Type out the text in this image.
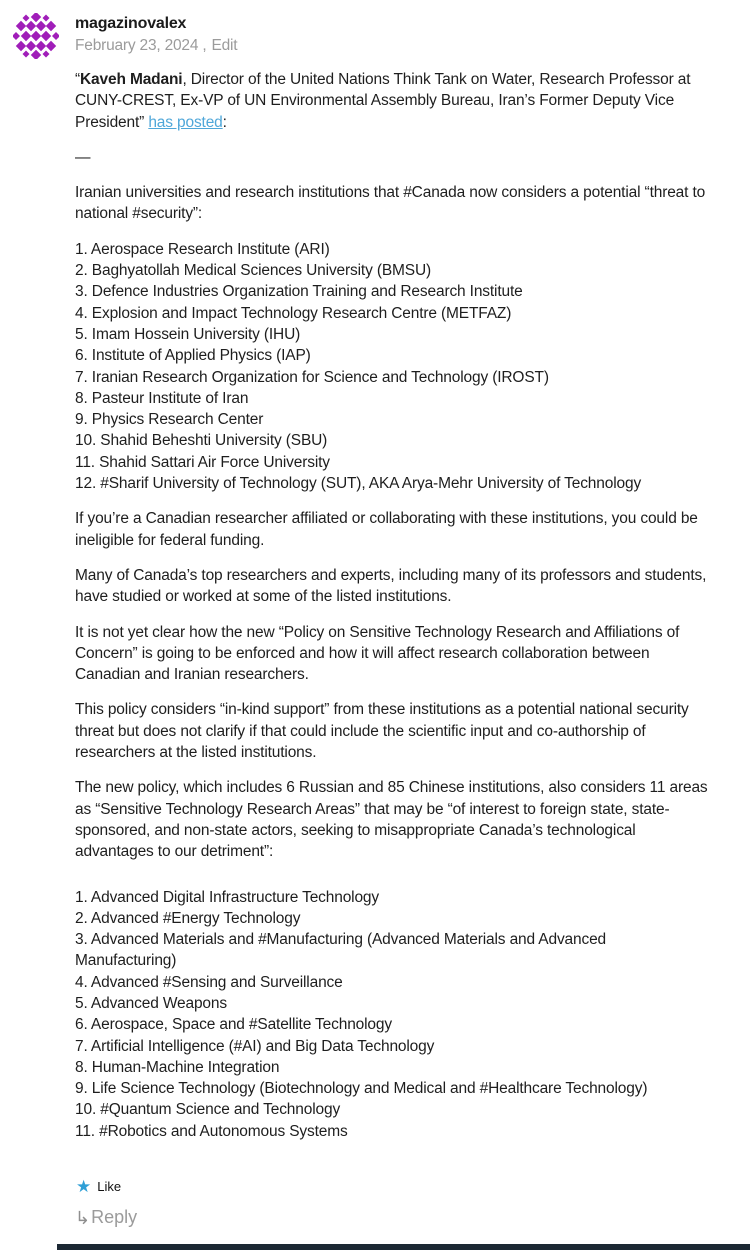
magazinovalex
February 23, 2024 , Edit

“Kaveh Madani, Director of the United Nations Think Tank on Water, Research Professor at CUNY-CREST, Ex-VP of UN Environmental Assembly Bureau, Iran’s Former Deputy Vice President” has posted:

—

Iranian universities and research institutions that #Canada now considers a potential “threat to national #security”:

1. Aerospace Research Institute (ARI)
2. Baghyatollah Medical Sciences University (BMSU)
3. Defence Industries Organization Training and Research Institute
4. Explosion and Impact Technology Research Centre (METFAZ)
5. Imam Hossein University (IHU)
6. Institute of Applied Physics (IAP)
7. Iranian Research Organization for Science and Technology (IROST)
8. Pasteur Institute of Iran
9. Physics Research Center
10. Shahid Beheshti University (SBU)
11. Shahid Sattari Air Force University
12. #Sharif University of Technology (SUT), AKA Arya-Mehr University of Technology

If you’re a Canadian researcher affiliated or collaborating with these institutions, you could be ineligible for federal funding.

Many of Canada’s top researchers and experts, including many of its professors and students, have studied or worked at some of the listed institutions.

It is not yet clear how the new “Policy on Sensitive Technology Research and Affiliations of Concern” is going to be enforced and how it will affect research collaboration between Canadian and Iranian researchers.

This policy considers “in-kind support” from these institutions as a potential national security threat but does not clarify if that could include the scientific input and co-authorship of researchers at the listed institutions.

The new policy, which includes 6 Russian and 85 Chinese institutions, also considers 11 areas as “Sensitive Technology Research Areas” that may be “of interest to foreign state, state-sponsored, and non-state actors, seeking to misappropriate Canada’s technological advantages to our detriment”:

1. Advanced Digital Infrastructure Technology
2. Advanced #Energy Technology
3. Advanced Materials and #Manufacturing (Advanced Materials and Advanced Manufacturing)
4. Advanced #Sensing and Surveillance
5. Advanced Weapons
6. Aerospace, Space and #Satellite Technology
7. Artificial Intelligence (#AI) and Big Data Technology
8. Human-Machine Integration
9. Life Science Technology (Biotechnology and Medical and #Healthcare Technology)
10. #Quantum Science and Technology
11. #Robotics and Autonomous Systems
★ Like
↳ Reply
